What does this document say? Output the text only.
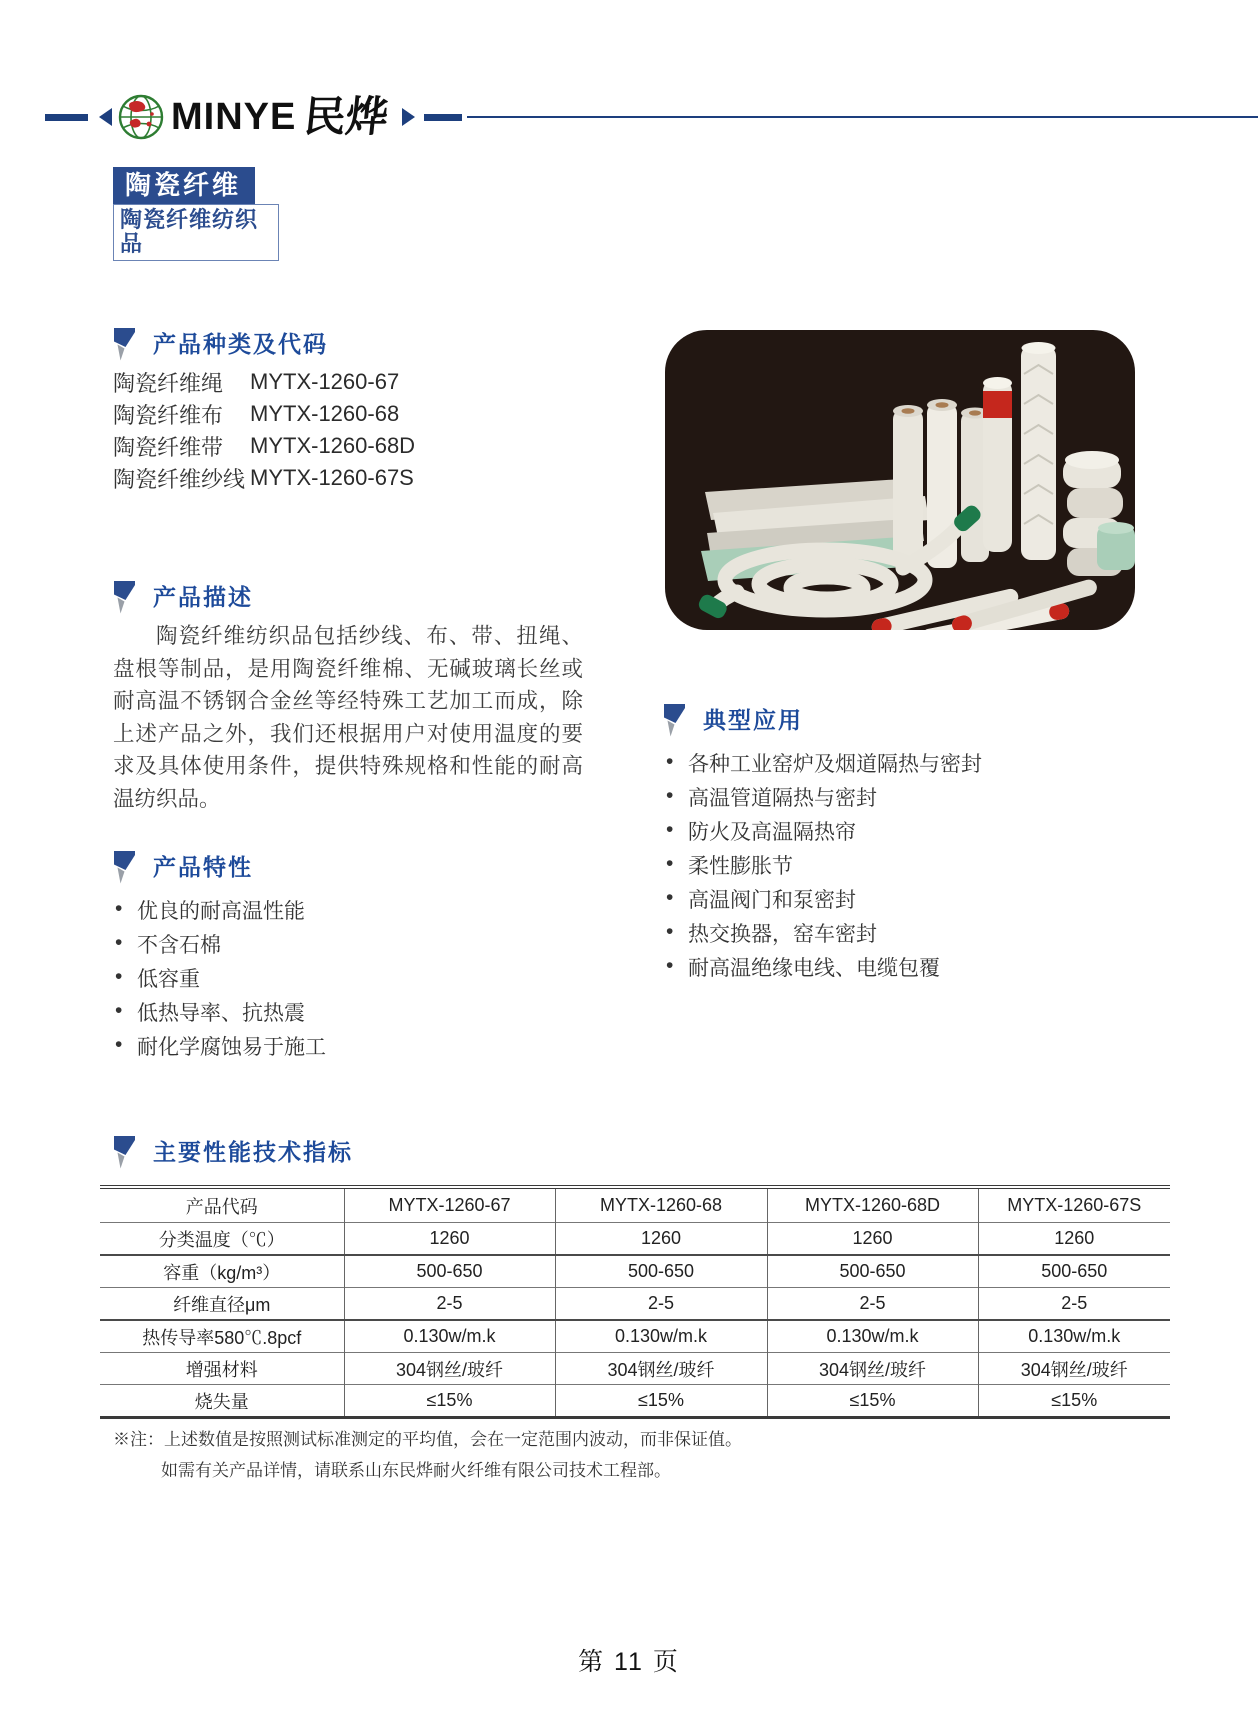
MINYE 民烨
陶瓷纤维
陶瓷纤维纺织品
产品种类及代码
陶瓷纤维绳	MYTX-1260-67
陶瓷纤维布	MYTX-1260-68
陶瓷纤维带	MYTX-1260-68D
陶瓷纤维纱线 MYTX-1260-67S
产品描述
陶瓷纤维纺织品包括纱线、布、带、扭绳、盘根等制品，是用陶瓷纤维棉、无碱玻璃长丝或耐高温不锈钢合金丝等经特殊工艺加工而成，除上述产品之外，我们还根据用户对使用温度的要求及具体使用条件，提供特殊规格和性能的耐高温纺织品。
产品特性
• 优良的耐高温性能
• 不含石棉
• 低容重
• 低热导率、抗热震
• 耐化学腐蚀易于施工
典型应用
• 各种工业窑炉及烟道隔热与密封
• 高温管道隔热与密封
• 防火及高温隔热帘
• 柔性膨胀节
• 高温阀门和泵密封
• 热交换器，窑车密封
• 耐高温绝缘电线、电缆包覆
主要性能技术指标
产品代码	MYTX-1260-67	MYTX-1260-68	MYTX-1260-68D	MYTX-1260-67S
分类温度（℃）	1260	1260	1260	1260
容重（kg/m³）	500-650	500-650	500-650	500-650
纤维直径μm	2-5	2-5	2-5	2-5
热传导率580℃.8pcf	0.130w/m.k	0.130w/m.k	0.130w/m.k	0.130w/m.k
增强材料	304钢丝/玻纤	304钢丝/玻纤	304钢丝/玻纤	304钢丝/玻纤
烧失量	≤15%	≤15%	≤15%	≤15%
※注：上述数值是按照测试标准测定的平均值，会在一定范围内波动，而非保证值。
如需有关产品详情，请联系山东民烨耐火纤维有限公司技术工程部。
第 11 页
